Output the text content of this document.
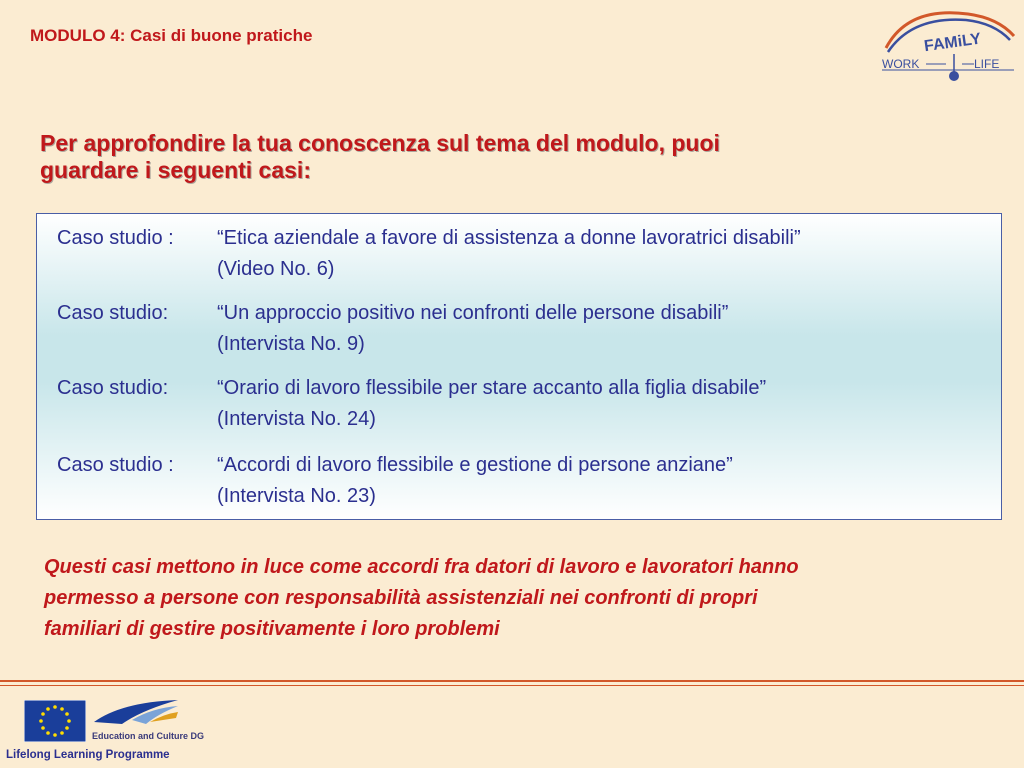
MODULO 4: Casi di buone pratiche	FAMiLY
WORK	LIFE
Per approfondire la tua conoscenza sul tema del modulo, puoi
guardare i seguenti casi:
Caso studio : “Etica aziendale a favore di assistenza a donne lavoratrici disabili”
(Video No. 6)
Caso studio: “Un approccio positivo nei confronti delle persone disabili”
(Intervista No. 9)
Caso studio: “Orario di lavoro flessibile per stare accanto alla figlia disabile”
(Intervista No. 24)
Caso studio : “Accordi di lavoro flessibile e gestione di persone anziane”
(Intervista No. 23)
Questi casi mettono in luce come accordi fra datori di lavoro e lavoratori hanno
permesso a persone con responsabilità assistenziali nei confronti di propri
familiari di gestire positivamente i loro problemi
Education and Culture DG
Lifelong Learning Programme
